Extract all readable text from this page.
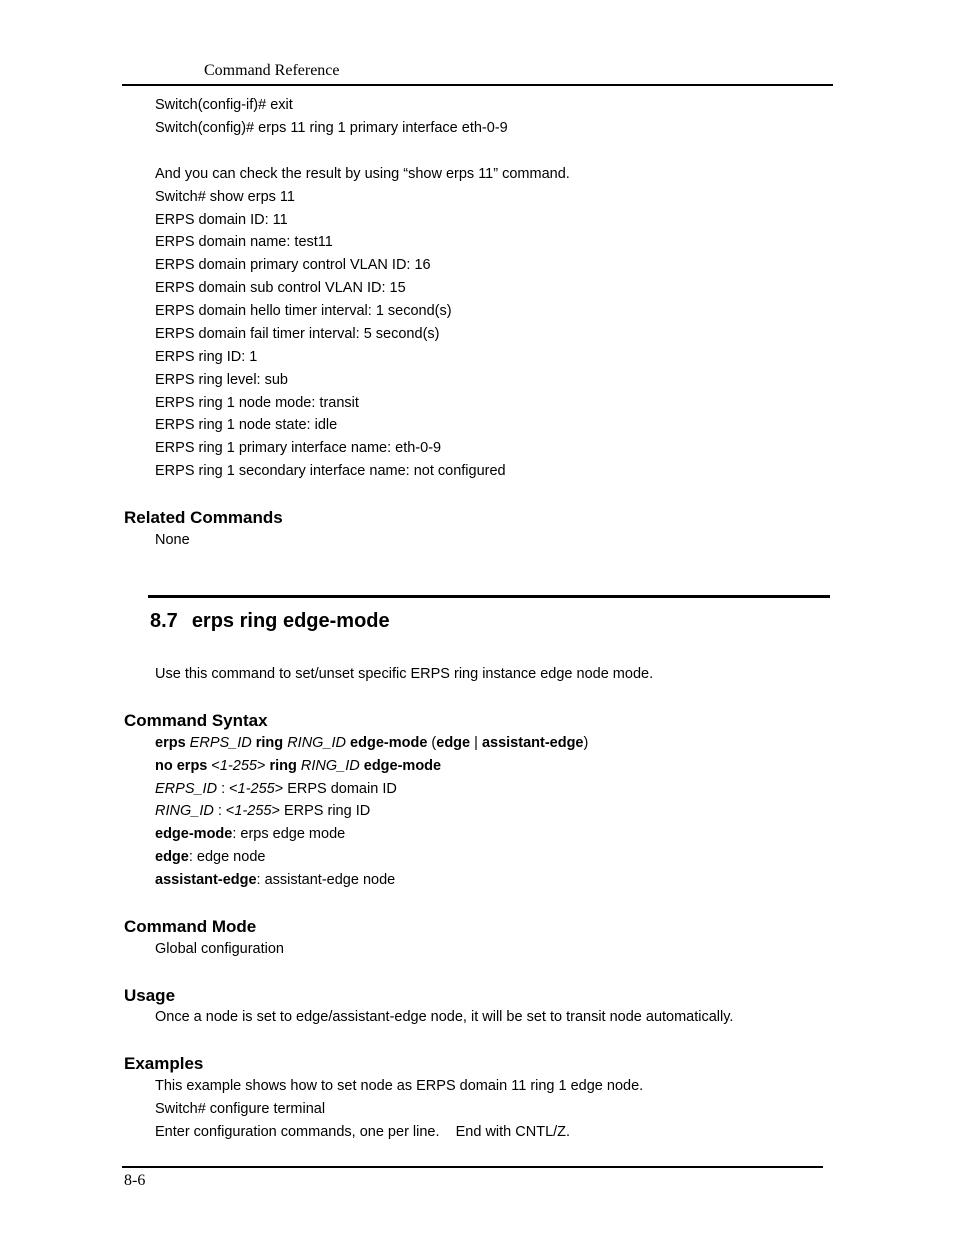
Command Reference
Switch(config-if)# exit
Switch(config)# erps 11 ring 1 primary interface eth-0-9
And you can check the result by using “show erps 11” command.
Switch# show erps 11
ERPS domain ID: 11
ERPS domain name: test11
ERPS domain primary control VLAN ID: 16
ERPS domain sub control VLAN ID: 15
ERPS domain hello timer interval: 1 second(s)
ERPS domain fail timer interval: 5 second(s)
ERPS ring ID: 1
ERPS ring level: sub
ERPS ring 1 node mode: transit
ERPS ring 1 node state: idle
ERPS ring 1 primary interface name: eth-0-9
ERPS ring 1 secondary interface name: not configured
Related Commands
None
8.7 erps ring edge-mode
Use this command to set/unset specific ERPS ring instance edge node mode.
Command Syntax
erps ERPS_ID ring RING_ID edge-mode (edge | assistant-edge)
no erps <1-255> ring RING_ID edge-mode
ERPS_ID : <1-255> ERPS domain ID
RING_ID : <1-255> ERPS ring ID
edge-mode: erps edge mode
edge: edge node
assistant-edge: assistant-edge node
Command Mode
Global configuration
Usage
Once a node is set to edge/assistant-edge node, it will be set to transit node automatically.
Examples
This example shows how to set node as ERPS domain 11 ring 1 edge node.
Switch# configure terminal
Enter configuration commands, one per line.    End with CNTL/Z.
8-6
